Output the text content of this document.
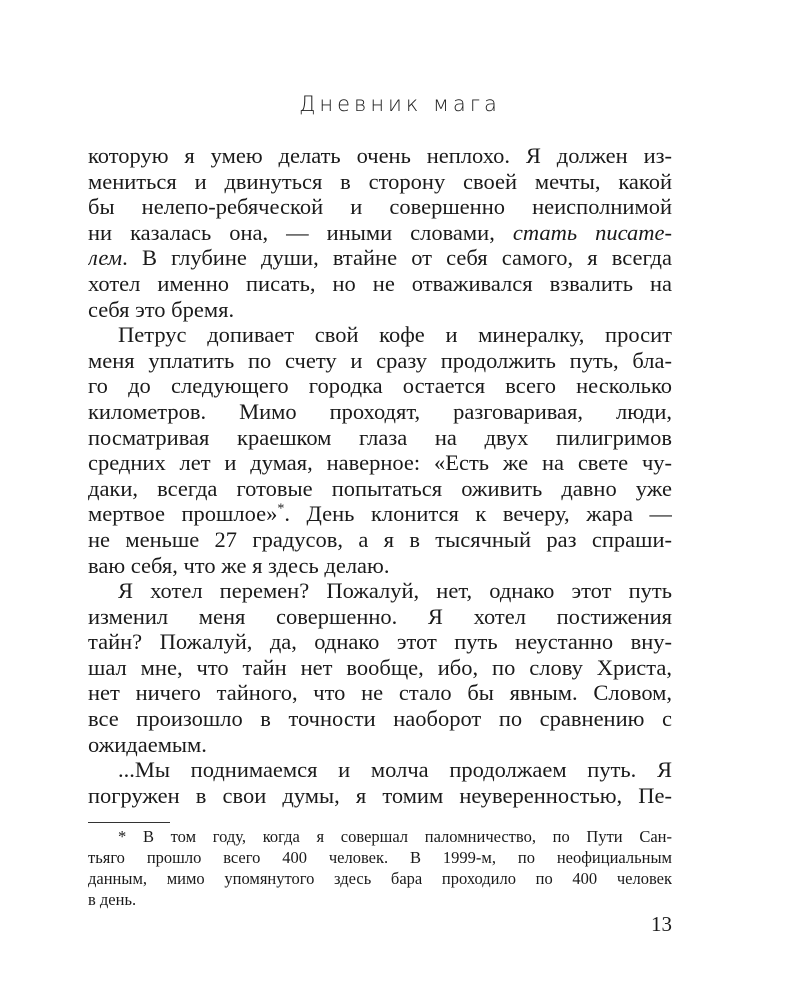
Дневник мага
которую я умею делать очень неплохо. Я должен из-
мениться и двинуться в сторону своей мечты, какой
бы нелепо-ребяческой и совершенно неисполнимой
ни казалась она, — иными словами, стать писате-
лем. В глубине души, втайне от себя самого, я всегда
хотел именно писать, но не отваживался взвалить на
себя это бремя.
Петрус допивает свой кофе и минералку, просит
меня уплатить по счету и сразу продолжить путь, бла-
го до следующего городка остается всего несколько
километров. Мимо проходят, разговаривая, люди,
посматривая краешком глаза на двух пилигримов
средних лет и думая, наверное: «Есть же на свете чу-
даки, всегда готовые попытаться оживить давно уже
мертвое прошлое»*. День клонится к вечеру, жара —
не меньше 27 градусов, а я в тысячный раз спраши-
ваю себя, что же я здесь делаю.
Я хотел перемен? Пожалуй, нет, однако этот путь
изменил меня совершенно. Я хотел постижения
тайн? Пожалуй, да, однако этот путь неустанно вну-
шал мне, что тайн нет вообще, ибо, по слову Христа,
нет ничего тайного, что не стало бы явным. Словом,
все произошло в точности наоборот по сравнению с
ожидаемым.
...Мы поднимаемся и молча продолжаем путь. Я
погружен в свои думы, я томим неуверенностью, Пе-
* В том году, когда я совершал паломничество, по Пути Сан-
тьяго прошло всего 400 человек. В 1999-м, по неофициальным
данным, мимо упомянутого здесь бара проходило по 400 человек
в день.
13
